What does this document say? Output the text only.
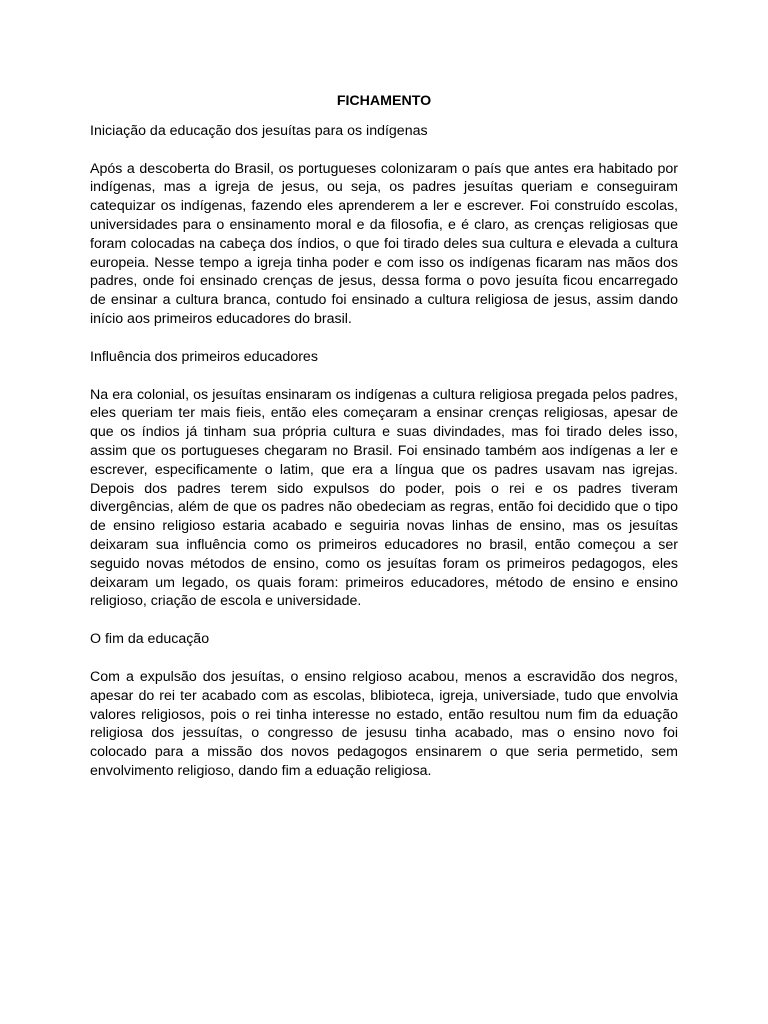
FICHAMENTO
Iniciação da educação dos jesuítas para os indígenas

Após a descoberta do Brasil, os portugueses colonizaram o país que antes era habitado por indígenas, mas a igreja de jesus, ou seja, os padres jesuítas queriam e conseguiram catequizar os indígenas, fazendo eles aprenderem a ler e escrever. Foi construído escolas, universidades para o ensinamento moral e da filosofia, e é claro, as crenças religiosas que foram colocadas na cabeça dos índios, o que foi tirado deles sua cultura e elevada a cultura europeia. Nesse tempo a igreja tinha poder e com isso os indígenas ficaram nas mãos dos padres, onde foi ensinado crenças de jesus, dessa forma o povo jesuíta ficou encarregado de ensinar a cultura branca, contudo foi ensinado a cultura religiosa de jesus, assim dando início aos primeiros educadores do brasil.

Influência dos primeiros educadores

Na era colonial, os jesuítas ensinaram os indígenas a cultura religiosa pregada pelos padres, eles queriam ter mais fieis, então eles começaram a ensinar crenças religiosas, apesar de que os índios já tinham sua própria cultura e suas divindades, mas foi tirado deles isso, assim que os portugueses chegaram no Brasil. Foi ensinado também aos indígenas a ler e escrever, especificamente o latim, que era a língua que os padres usavam nas igrejas. Depois dos padres terem sido expulsos do poder, pois o rei e os padres tiveram divergências, além de que os padres não obedeciam as regras, então foi decidido que o tipo de ensino religioso estaria acabado e seguiria novas linhas de ensino, mas os jesuítas deixaram sua influência como os primeiros educadores no brasil, então começou a ser seguido novas métodos de ensino, como os jesuítas foram os primeiros pedagogos, eles deixaram um legado, os quais foram: primeiros educadores, método de ensino e ensino religioso, criação de escola e universidade.

O fim da educação

Com a expulsão dos jesuítas, o ensino relgioso acabou, menos a escravidão dos negros, apesar do rei ter acabado com as escolas, blibioteca, igreja, universiade, tudo que envolvia valores religiosos, pois o rei tinha interesse no estado, então resultou num fim da eduação religiosa dos jessuítas, o congresso de jesusu tinha acabado, mas o ensino novo foi colocado para a missão dos novos pedagogos ensinarem o que seria permetido, sem envolvimento religioso, dando fim a eduação religiosa.
